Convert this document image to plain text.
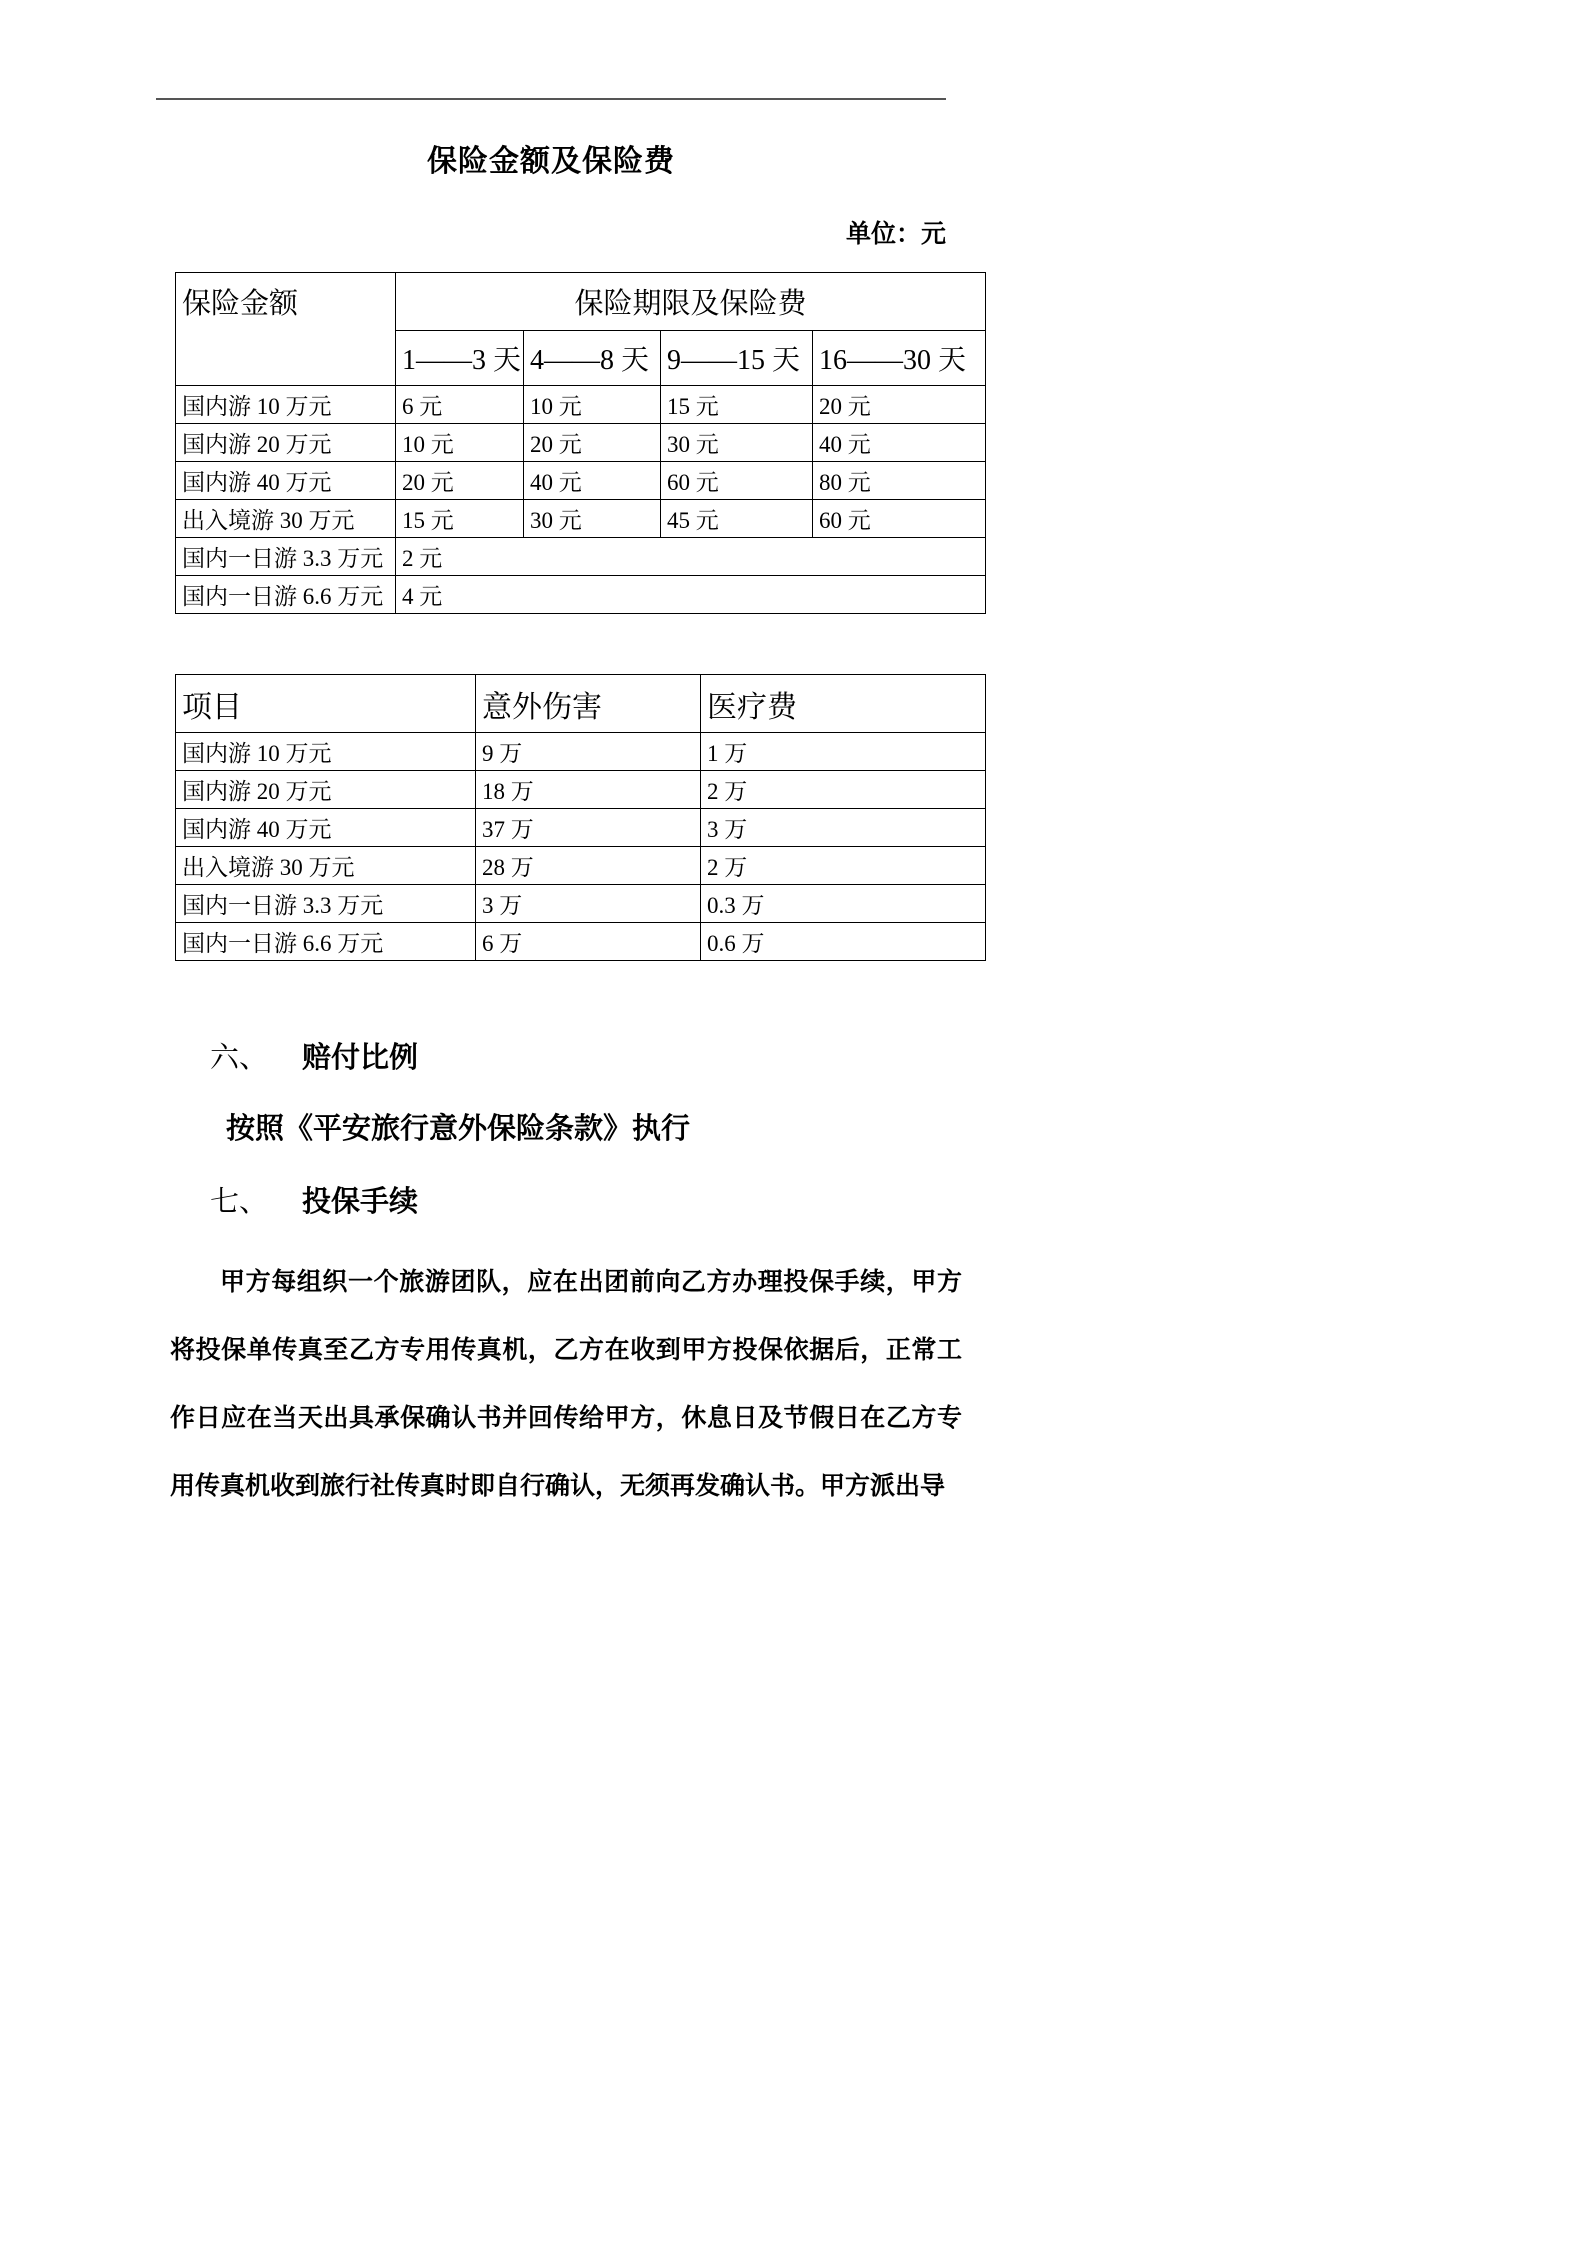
保险金额及保险费
单位：元
保险金额	保险期限及保险费			
	1——3 天	4——8 天	9——15 天	16——30 天
国内游 10 万元	6 元	10 元	15 元	20 元
国内游 20 万元	10 元	20 元	30 元	40 元
国内游 40 万元	20 元	40 元	60 元	80 元
出入境游 30 万元	15 元	30 元	45 元	60 元
国内一日游 3.3 万元	2 元			
国内一日游 6.6 万元	4 元			
项目	意外伤害	医疗费
国内游 10 万元	9 万	1 万
国内游 20 万元	18 万	2 万
国内游 40 万元	37 万	3 万
出入境游 30 万元	28 万	2 万
国内一日游 3.3 万元	3 万	0.3 万
国内一日游 6.6 万元	6 万	0.6 万
六、 赔付比例
按照《平安旅行意外保险条款》执行
七、 投保手续
甲方每组织一个旅游团队，应在出团前向乙方办理投保手续，甲方将投保单传真至乙方专用传真机，乙方在收到甲方投保依据后，正常工作日应在当天出具承保确认书并回传给甲方，休息日及节假日在乙方专用传真机收到旅行社传真时即自行确认，无须再发确认书。甲方派出导
